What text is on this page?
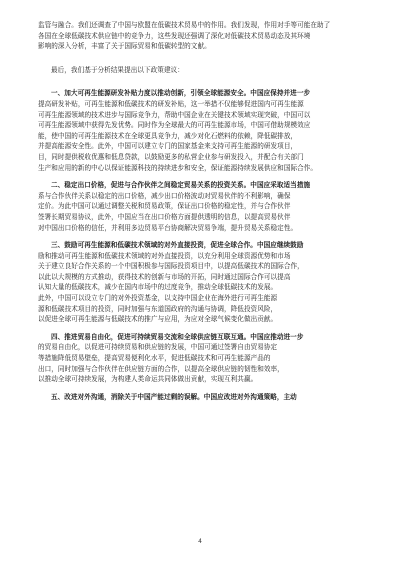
监管与融合。我们还调查了中国与欧盟在低碳技术贸易中的作用。我们发现，作用对手等可能在助了
各国在全球低碳技术供应链中的竞争力，这些发现还强调了深化对低碳技术贸易动态及其环境
影响的深入分析，丰富了关于国际贸易和低碳转型的文献。
最后，我们基于分析结果提出以下政策建议：
一、加大可再生能源研发补贴力度以推动创新，引领全球能源安全。中国应保持并进一步
提高研发补贴，可再生能源和低碳技术的研发补贴，这一举措不仅能够促进国内可再生能源
可再生能源领域的技术进步与国际竞争力，帮助中国企业在关键技术领域实现突破，中国可以
可再生能源领域中获得先发优势。同时作为全球最大的可再生能源市场，中国可借助规模效应
能，使中国的可再生能源技术在全球更具竞争力，减少对化石燃料的依赖，降低碳排放，
并提高能源安全性。此外，中国可以建立专门的国家基金来支持可再生能源的研发项目，
目，同时提供税收优惠和低息贷款，以鼓励更多的私营企业参与研发投入，并配合有关部门
生产和应用的新的中心以保证能源科技的持续进步和安全，保证能源持续发展供应和国际合作。
二、稳定出口价格，促进与合作伙伴之间稳定贸易关系的投资关系。中国应采取适当措施
系与合作伙伴关系以稳定的出口价格，减少出口价格波动对贸易伙伴的不利影响，确保
定价。为此中国可以通过调整关税和贸易政策，保证出口价格的稳定性，并与合作伙伴
签署长期贸易协议，此外，中国应当在出口价格方面提供透明的信息，以提高贸易伙伴
对中国出口价格的信任，并利用多边贸易平台协商解决贸易争端，提升贸易关系稳定性。
三、鼓励可再生能源和低碳技术领域的对外直接投资，促进全球合作。中国应继续鼓励
励和推动可再生能源和低碳技术领域的对外直接投资，以充分利用全球资源优势和市场
关于建立良好合作关系的一个中国积极参与国际投资项目中，以提高低碳技术的国际合作，
以此以大规模的方式推动，获得技术的创新与市场的开拓，同时通过国际合作可以提高
认知大量的低碳技术，减少在国内市场中的过度竞争，推动全球低碳技术的发展。
此外，中国可以设立专门的对外投资基金，以支持中国企业在海外进行可再生能源
源和低碳技术项目的投资，同时加强与东道国政府的沟通与协调，降低投资风险，
以促进全球可再生能源与低碳技术的推广与应用，为应对全球气候变化做出贡献。
四、推进贸易自由化，促进可持续贸易交流和全球供应链互联互通。中国应推动进一步
的贸易自由化，以促进可持续贸易和供应链的发展，中国可通过签署自由贸易协定
等措施降低贸易壁垒，提高贸易便利化水平，促进低碳技术和可再生能源产品的
出口，同时加强与合作伙伴在供应链方面的合作，以提高全球供应链的韧性和效率，
以推动全球可持续发展，为构建人类命运共同体做出贡献，实现互利共赢。
五、改进对外沟通，消除关于中国产能过剩的误解。中国应改进对外沟通策略，主动
4
